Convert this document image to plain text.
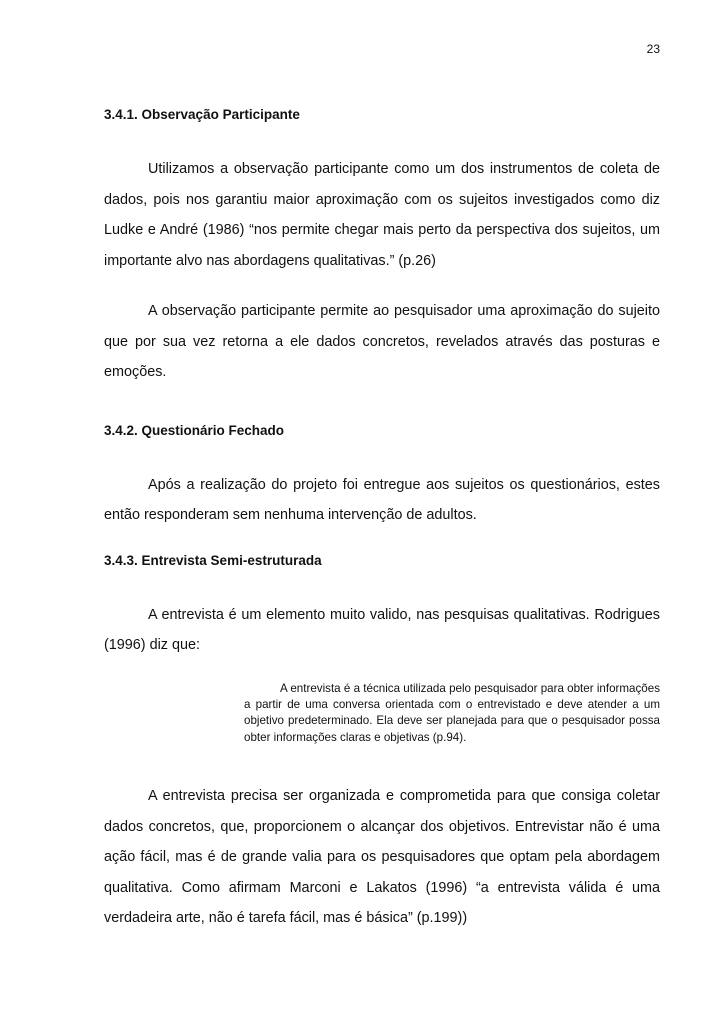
23
3.4.1. Observação Participante

Utilizamos a observação participante como um dos instrumentos de coleta de dados, pois nos garantiu maior aproximação com os sujeitos investigados como diz Ludke e André (1986) “nos permite chegar mais perto da perspectiva dos sujeitos, um importante alvo nas abordagens qualitativas.” (p.26)

A observação participante permite ao pesquisador uma aproximação do sujeito que por sua vez retorna a ele dados concretos, revelados através das posturas e emoções.

3.4.2. Questionário Fechado

Após a realização do projeto foi entregue aos sujeitos os questionários, estes então responderam sem nenhuma intervenção de adultos.

3.4.3. Entrevista Semi-estruturada

A entrevista é um elemento muito valido, nas pesquisas qualitativas. Rodrigues (1996) diz que:

A entrevista é a técnica utilizada pelo pesquisador para obter informações a partir de uma conversa orientada com o entrevistado e deve atender a um objetivo predeterminado. Ela deve ser planejada para que o pesquisador possa obter informações claras e objetivas (p.94).

A entrevista precisa ser organizada e comprometida para que consiga coletar dados concretos, que, proporcionem o alcançar dos objetivos. Entrevistar não é uma ação fácil, mas é de grande valia para os pesquisadores que optam pela abordagem qualitativa. Como afirmam Marconi e Lakatos (1996) “a entrevista válida é uma verdadeira arte, não é tarefa fácil, mas é básica” (p.199))
